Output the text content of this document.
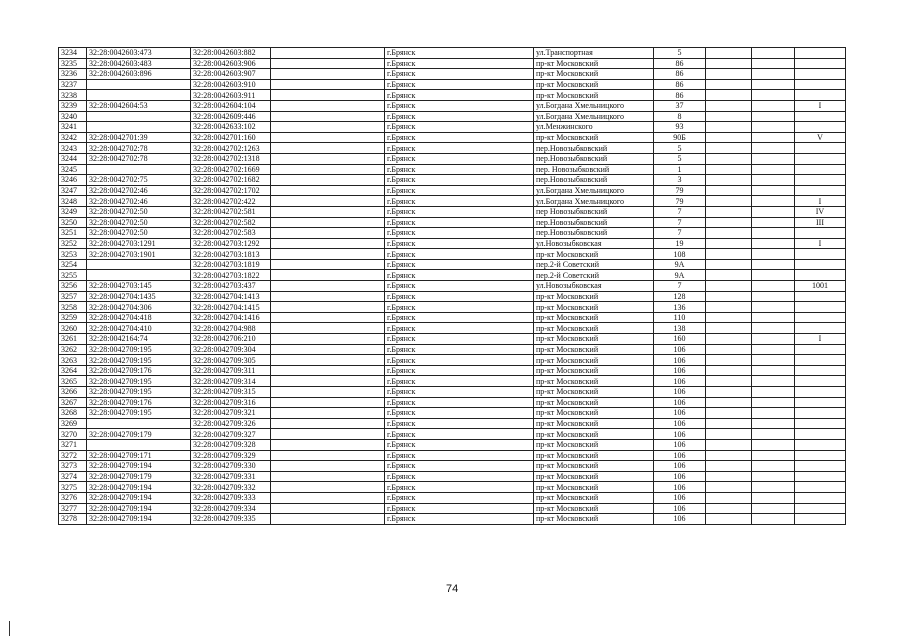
3234	32:28:0042603:473	32:28:0042603:882		г.Брянск	ул.Транспортная	5			
3235	32:28:0042603:483	32:28:0042603:906		г.Брянск	пр-кт Московский	86			
3236	32:28:0042603:896	32:28:0042603:907		г.Брянск	пр-кт Московский	86			
3237		32:28:0042603:910		г.Брянск	пр-кт Московский	86			
3238		32:28:0042603:911		г.Брянск	пр-кт Московский	86			
3239	32:28:0042604:53	32:28:0042604:104		г.Брянск	ул.Богдана Хмельницкого	37			I
3240		32:28:0042609:446		г.Брянск	ул.Богдана Хмельницкого	8			
3241		32:28:0042633:102		г.Брянск	ул.Менжинского	93			
3242	32:28:0042701:39	32:28:0042701:160		г.Брянск	пр-кт Московский	90Б			V
3243	32:28:0042702:78	32:28:0042702:1263		г.Брянск	пер.Новозыбковский	5			
3244	32:28:0042702:78	32:28:0042702:1318		г.Брянск	пер.Новозыбковский	5			
3245		32:28:0042702:1669		г.Брянск	пер. Новозыбковский	1			
3246	32:28:0042702:75	32:28:0042702:1682		г.Брянск	пер.Новозыбковский	3			
3247	32:28:0042702:46	32:28:0042702:1702		г.Брянск	ул.Богдана Хмельницкого	79			
3248	32:28:0042702:46	32:28:0042702:422		г.Брянск	ул.Богдана Хмельницкого	79			I
3249	32:28:0042702:50	32:28:0042702:581		г.Брянск	пер Новозыбковский	7			IV
3250	32:28:0042702:50	32:28:0042702:582		г.Брянск	пер.Новозыбковский	7			III
3251	32:28:0042702:50	32:28:0042702:583		г.Брянск	пер.Новозыбковский	7			
3252	32:28:0042703:1291	32:28:0042703:1292		г.Брянск	ул.Новозыбковская	19			I
3253	32:28:0042703:1901	32:28:0042703:1813		г.Брянск	пр-кт Московский	108			
3254		32:28:0042703:1819		г.Брянск	пер.2-й Советский	9А			
3255		32:28:0042703:1822		г.Брянск	пер.2-й Советский	9А			
3256	32:28:0042703:145	32:28:0042703:437		г.Брянск	ул.Новозыбковская	7			1001
3257	32:28:0042704:1435	32:28:0042704:1413		г.Брянск	пр-кт Московский	128			
3258	32:28:0042704:306	32:28:0042704:1415		г.Брянск	пр-кт Московский	136			
3259	32:28:0042704:418	32:28:0042704:1416		г.Брянск	пр-кт Московский	110			
3260	32:28:0042704:410	32:28:0042704:988		г.Брянск	пр-кт Московский	138			
3261	32:28:0042164:74	32:28:0042706:210		г.Брянск	пр-кт Московский	160			I
3262	32:28:0042709:195	32:28:0042709:304		г.Брянск	пр-кт Московский	106			
3263	32:28:0042709:195	32:28:0042709:305		г.Брянск	пр-кт Московский	106			
3264	32:28:0042709:176	32:28:0042709:311		г.Брянск	пр-кт Московский	106			
3265	32:28:0042709:195	32:28:0042709:314		г.Брянск	пр-кт Московский	106			
3266	32:28:0042709:195	32:28:0042709:315		г.Брянск	пр-кт Московский	106			
3267	32:28:0042709:176	32:28:0042709:316		г.Брянск	пр-кт Московский	106			
3268	32:28:0042709:195	32:28:0042709:321		г.Брянск	пр-кт Московский	106			
3269		32:28:0042709:326		г.Брянск	пр-кт Московский	106			
3270	32:28:0042709:179	32:28:0042709:327		г.Брянск	пр-кт Московский	106			
3271		32:28:0042709:328		г.Брянск	пр-кт Московский	106			
3272	32:28:0042709:171	32:28:0042709:329		г.Брянск	пр-кт Московский	106			
3273	32:28:0042709:194	32:28:0042709:330		г.Брянск	пр-кт Московский	106			
3274	32:28:0042709:179	32:28:0042709:331		г.Брянск	пр-кт Московский	106			
3275	32:28:0042709:194	32:28:0042709:332		г.Брянск	пр-кт Московский	106			
3276	32:28:0042709:194	32:28:0042709:333		г.Брянск	пр-кт Московский	106			
3277	32:28:0042709:194	32:28:0042709:334		г.Брянск	пр-кт Московский	106			
3278	32:28:0042709:194	32:28:0042709:335		г.Брянск	пр-кт Московский	106			
74
